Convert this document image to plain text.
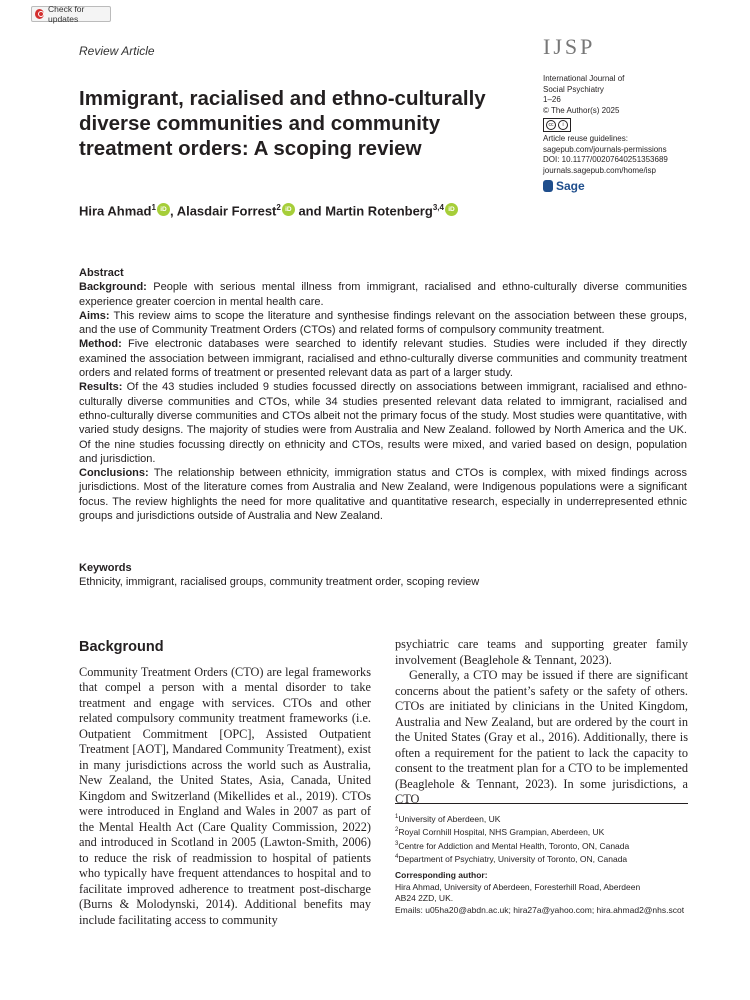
Check for updates
Review Article	IJSP
International Journal of
Social Psychiatry
1–26
© The Author(s) 2025
cc	i
Article reuse guidelines:
sagepub.com/journals-permissions
DOI: 10.1177/00207640251353689
journals.sagepub.com/home/isp
Sage
Immigrant, racialised and ethno-culturally diverse communities and community treatment orders: A scoping review
Hira Ahmad$^1$ iD , Alasdair Forrest$^2$ iD and Martin Rotenberg$^{3,4}$ iD
Abstract
Background: People with serious mental illness from immigrant, racialised and ethno-culturally diverse communities experience greater coercion in mental health care.
Aims: This review aims to scope the literature and synthesise findings relevant on the association between these groups, and the use of Community Treatment Orders (CTOs) and related forms of compulsory community treatment.
Method: Five electronic databases were searched to identify relevant studies. Studies were included if they directly examined the association between immigrant, racialised and ethno-culturally diverse communities and community treatment orders and related forms of treatment or presented relevant data as part of a larger study.
Results: Of the 43 studies included 9 studies focussed directly on associations between immigrant, racialised and ethno-culturally diverse communities and CTOs, while 34 studies presented relevant data related to immigrant, racialised and ethno-culturally diverse communities and CTOs albeit not the primary focus of the study. Most studies were quantitative, with varied study designs. The majority of studies were from Australia and New Zealand. followed by North America and the UK. Of the nine studies focussing directly on ethnicity and CTOs, results were mixed, and varied based on design, population and jurisdiction.
Conclusions: The relationship between ethnicity, immigration status and CTOs is complex, with mixed findings across jurisdictions. Most of the literature comes from Australia and New Zealand, were Indigenous populations were a significant focus. The review highlights the need for more qualitative and quantitative research, especially in underrepresented ethnic groups and jurisdictions outside of Australia and New Zealand.
Keywords
Ethnicity, immigrant, racialised groups, community treatment order, scoping review
Background

Community Treatment Orders (CTO) are legal frameworks that compel a person with a mental disorder to take treatment and engage with services. CTOs and other related compulsory community treatment frameworks (i.e. Outpatient Commitment [OPC], Assisted Outpatient Treatment [AOT], Mandared Community Treatment), exist in many jurisdictions across the world such as Australia, New Zealand, the United States, Asia, Canada, United Kingdom and Switzerland (Mikellides et al., 2019). CTOs were introduced in England and Wales in 2007 as part of the Mental Health Act (Care Quality Commission, 2022) and introduced in Scotland in 2005 (Lawton-Smith, 2006) to reduce the risk of readmission to hospital of patients who typically have frequent attendances to hospital and to facilitate improved adherence to treatment post-discharge (Burns & Molodynski, 2014). Additional benefits may include facilitating access to community

psychiatric care teams and supporting greater family involvement (Beaglehole & Tennant, 2023).

Generally, a CTO may be issued if there are significant concerns about the patient’s safety or the safety of others. CTOs are initiated by clinicians in the United Kingdom, Australia and New Zealand, but are ordered by the court in the United States (Gray et al., 2016). Additionally, there is often a requirement for the patient to lack the capacity to consent to the treatment plan for a CTO to be implemented (Beaglehole & Tennant, 2023). In some jurisdictions, a CTO

$^1$University of Aberdeen, UK
$^2$Royal Cornhill Hospital, NHS Grampian, Aberdeen, UK
$^3$Centre for Addiction and Mental Health, Toronto, ON, Canada
$^4$Department of Psychiatry, University of Toronto, ON, Canada
Corresponding author:
Hira Ahmad, University of Aberdeen, Foresterhill Road, Aberdeen
AB24 2ZD, UK.
Emails: u05ha20@abdn.ac.uk; hira27a@yahoo.com; hira.ahmad2@nhs.scot
